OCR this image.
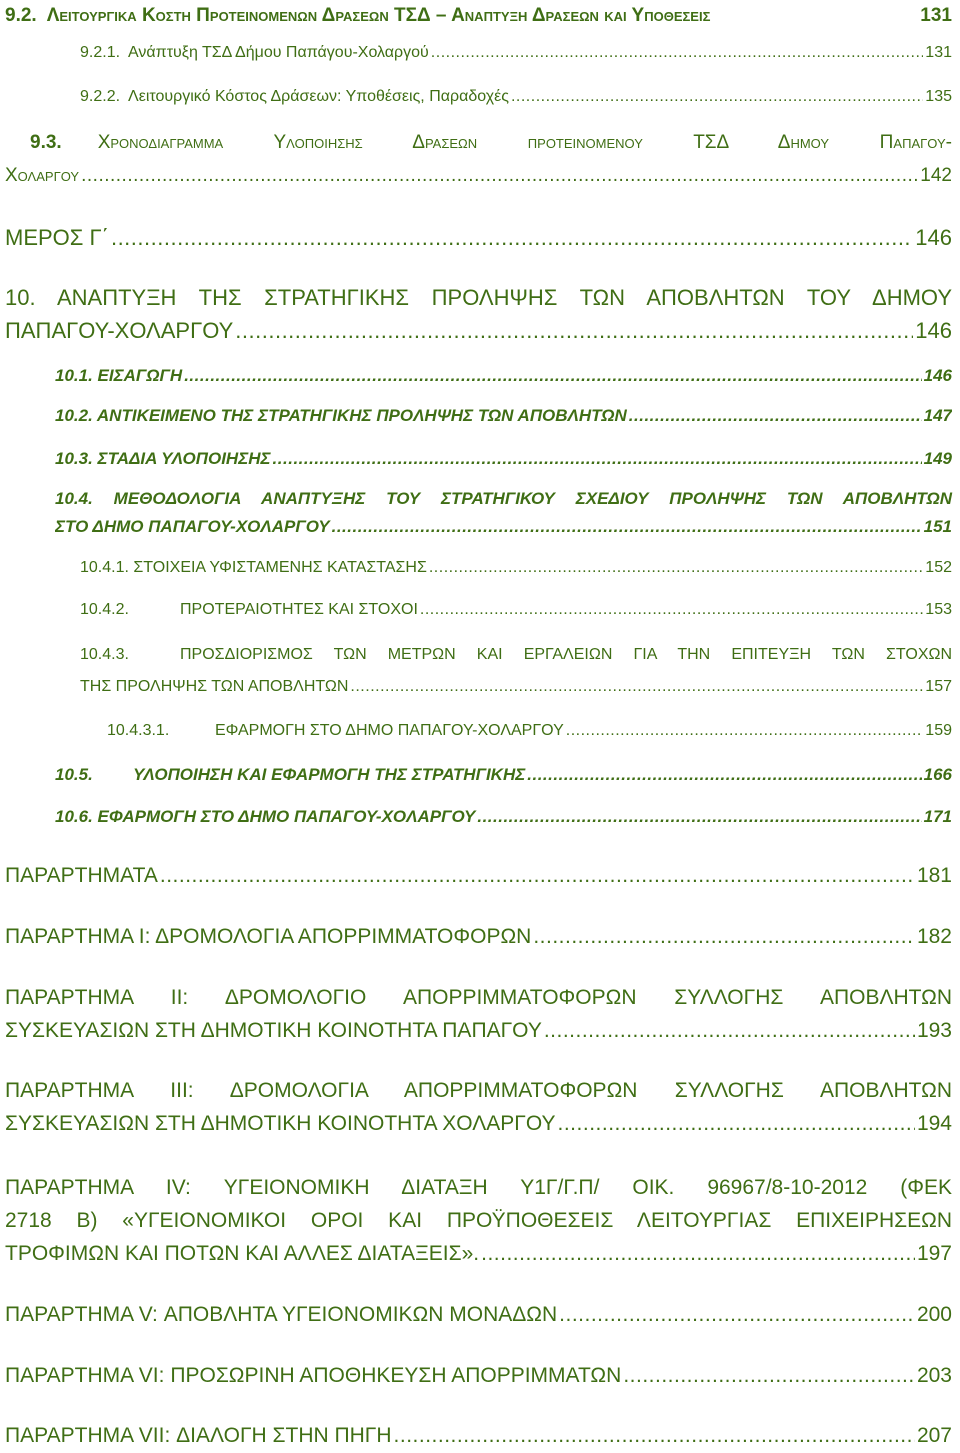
9.2. Λειτουργικα Κοστη Προτεινομενων Δρασεων ΤΣΔ – Αναπτυξη Δρασεων και Υποθεσεις	131
9.2.1. Ανάπτυξη ΤΣΔ Δήμου Παπάγου-Χολαργού .....	131
9.2.2. Λειτουργικό Κόστος Δράσεων: Υποθέσεις, Παραδοχές .....	135
9.3. Χρονοδιαγραμμα Υλοποιησης Δρασεων προτεινομενου ΤΣΔ Δημου Παπαγου-
Χολαργου .....	142
ΜΕΡΟΣ Γ΄ .....	146
10. ΑΝΑΠΤΥΞΗ ΤΗΣ ΣΤΡΑΤΗΓΙΚΗΣ ΠΡΟΛΗΨΗΣ ΤΩΝ ΑΠΟΒΛΗΤΩΝ ΤΟΥ ΔΗΜΟΥ
ΠΑΠΑΓΟΥ-ΧΟΛΑΡΓΟΥ .....	146
10.1. ΕΙΣΑΓΩΓΗ .....	146
10.2. ΑΝΤΙΚΕΙΜΕΝΟ ΤΗΣ ΣΤΡΑΤΗΓΙΚΗΣ ΠΡΟΛΗΨΗΣ ΤΩΝ ΑΠΟΒΛΗΤΩΝ .....	147
10.3. ΣΤΑΔΙΑ ΥΛΟΠΟΙΗΣΗΣ .....	149
10.4. ΜΕΘΟΔΟΛΟΓΙΑ ΑΝΑΠΤΥΞΗΣ ΤΟΥ ΣΤΡΑΤΗΓΙΚΟΥ ΣΧΕΔΙΟΥ ΠΡΟΛΗΨΗΣ ΤΩΝ ΑΠΟΒΛΗΤΩΝ
ΣΤΟ ΔΗΜΟ ΠΑΠΑΓΟΥ-ΧΟΛΑΡΓΟΥ .....	151
10.4.1. ΣΤΟΙΧΕΙΑ ΥΦΙΣΤΑΜΕΝΗΣ ΚΑΤΑΣΤΑΣΗΣ .....	152
10.4.2.	ΠΡΟΤΕΡΑΙΟΤΗΤΕΣ ΚΑΙ ΣΤΟΧΟΙ .....	153
10.4.3.	ΠΡΟΣΔΙΟΡΙΣΜΟΣ ΤΩΝ ΜΕΤΡΩΝ ΚΑΙ ΕΡΓΑΛΕΙΩΝ ΓΙΑ ΤΗΝ ΕΠΙΤΕΥΞΗ ΤΩΝ ΣΤΟΧΩΝ
ΤΗΣ ΠΡΟΛΗΨΗΣ ΤΩΝ ΑΠΟΒΛΗΤΩΝ .....	157
10.4.3.1.	ΕΦΑΡΜΟΓΗ ΣΤΟ ΔΗΜΟ ΠΑΠΑΓΟΥ-ΧΟΛΑΡΓΟΥ .....	159
10.5.	ΥΛΟΠΟΙΗΣΗ ΚΑΙ ΕΦΑΡΜΟΓΗ ΤΗΣ ΣΤΡΑΤΗΓΙΚΗΣ .....	166
10.6. ΕΦΑΡΜΟΓΗ ΣΤΟ ΔΗΜΟ ΠΑΠΑΓΟΥ-ΧΟΛΑΡΓΟΥ .....	171
ΠΑΡΑΡΤΗΜΑΤΑ .....	181
ΠΑΡΑΡΤΗΜΑ Ι: ΔΡΟΜΟΛΟΓΙΑ ΑΠΟΡΡΙΜΜΑΤΟΦΟΡΩΝ .....	182
ΠΑΡΑΡΤΗΜΑ ΙΙ: ΔΡΟΜΟΛΟΓΙΟ ΑΠΟΡΡΙΜΜΑΤΟΦΟΡΩΝ ΣΥΛΛΟΓΗΣ ΑΠΟΒΛΗΤΩΝ
ΣΥΣΚΕΥΑΣΙΩΝ ΣΤΗ ΔΗΜΟΤΙΚΗ ΚΟΙΝΟΤΗΤΑ ΠΑΠΑΓΟΥ .....	193
ΠΑΡΑΡΤΗΜΑ ΙΙΙ: ΔΡΟΜΟΛΟΓΙΑ ΑΠΟΡΡΙΜΜΑΤΟΦΟΡΩΝ ΣΥΛΛΟΓΗΣ ΑΠΟΒΛΗΤΩΝ
ΣΥΣΚΕΥΑΣΙΩΝ ΣΤΗ ΔΗΜΟΤΙΚΗ ΚΟΙΝΟΤΗΤΑ ΧΟΛΑΡΓΟΥ .....	194
ΠΑΡΑΡΤΗΜΑ IV: ΥΓΕΙΟΝΟΜΙΚΗ ΔΙΑΤΑΞΗ Υ1Γ/Γ.Π/ ΟΙΚ. 96967/8-10-2012 (ΦΕΚ
2718 Β) «ΥΓΕΙΟΝΟΜΙΚΟΙ ΟΡΟΙ ΚΑΙ ΠΡΟΫΠΟΘΕΣΕΙΣ ΛΕΙΤΟΥΡΓΙΑΣ ΕΠΙΧΕΙΡΗΣΕΩΝ
ΤΡΟΦΙΜΩΝ ΚΑΙ ΠΟΤΩΝ ΚΑΙ ΑΛΛΕΣ ΔΙΑΤΑΞΕΙΣ». .....	197
ΠΑΡΑΡΤΗΜΑ V: ΑΠΟΒΛΗΤΑ ΥΓΕΙΟΝΟΜΙΚΩΝ ΜΟΝΑΔΩΝ .....	200
ΠΑΡΑΡΤΗΜΑ VI: ΠΡΟΣΩΡΙΝΗ ΑΠΟΘΗΚΕΥΣΗ ΑΠΟΡΡΙΜΜΑΤΩΝ .....	203
ΠΑΡΑΡΤΗΜΑ VII: ΔΙΑΛΟΓΗ ΣΤΗΝ ΠΗΓΗ .....	207
